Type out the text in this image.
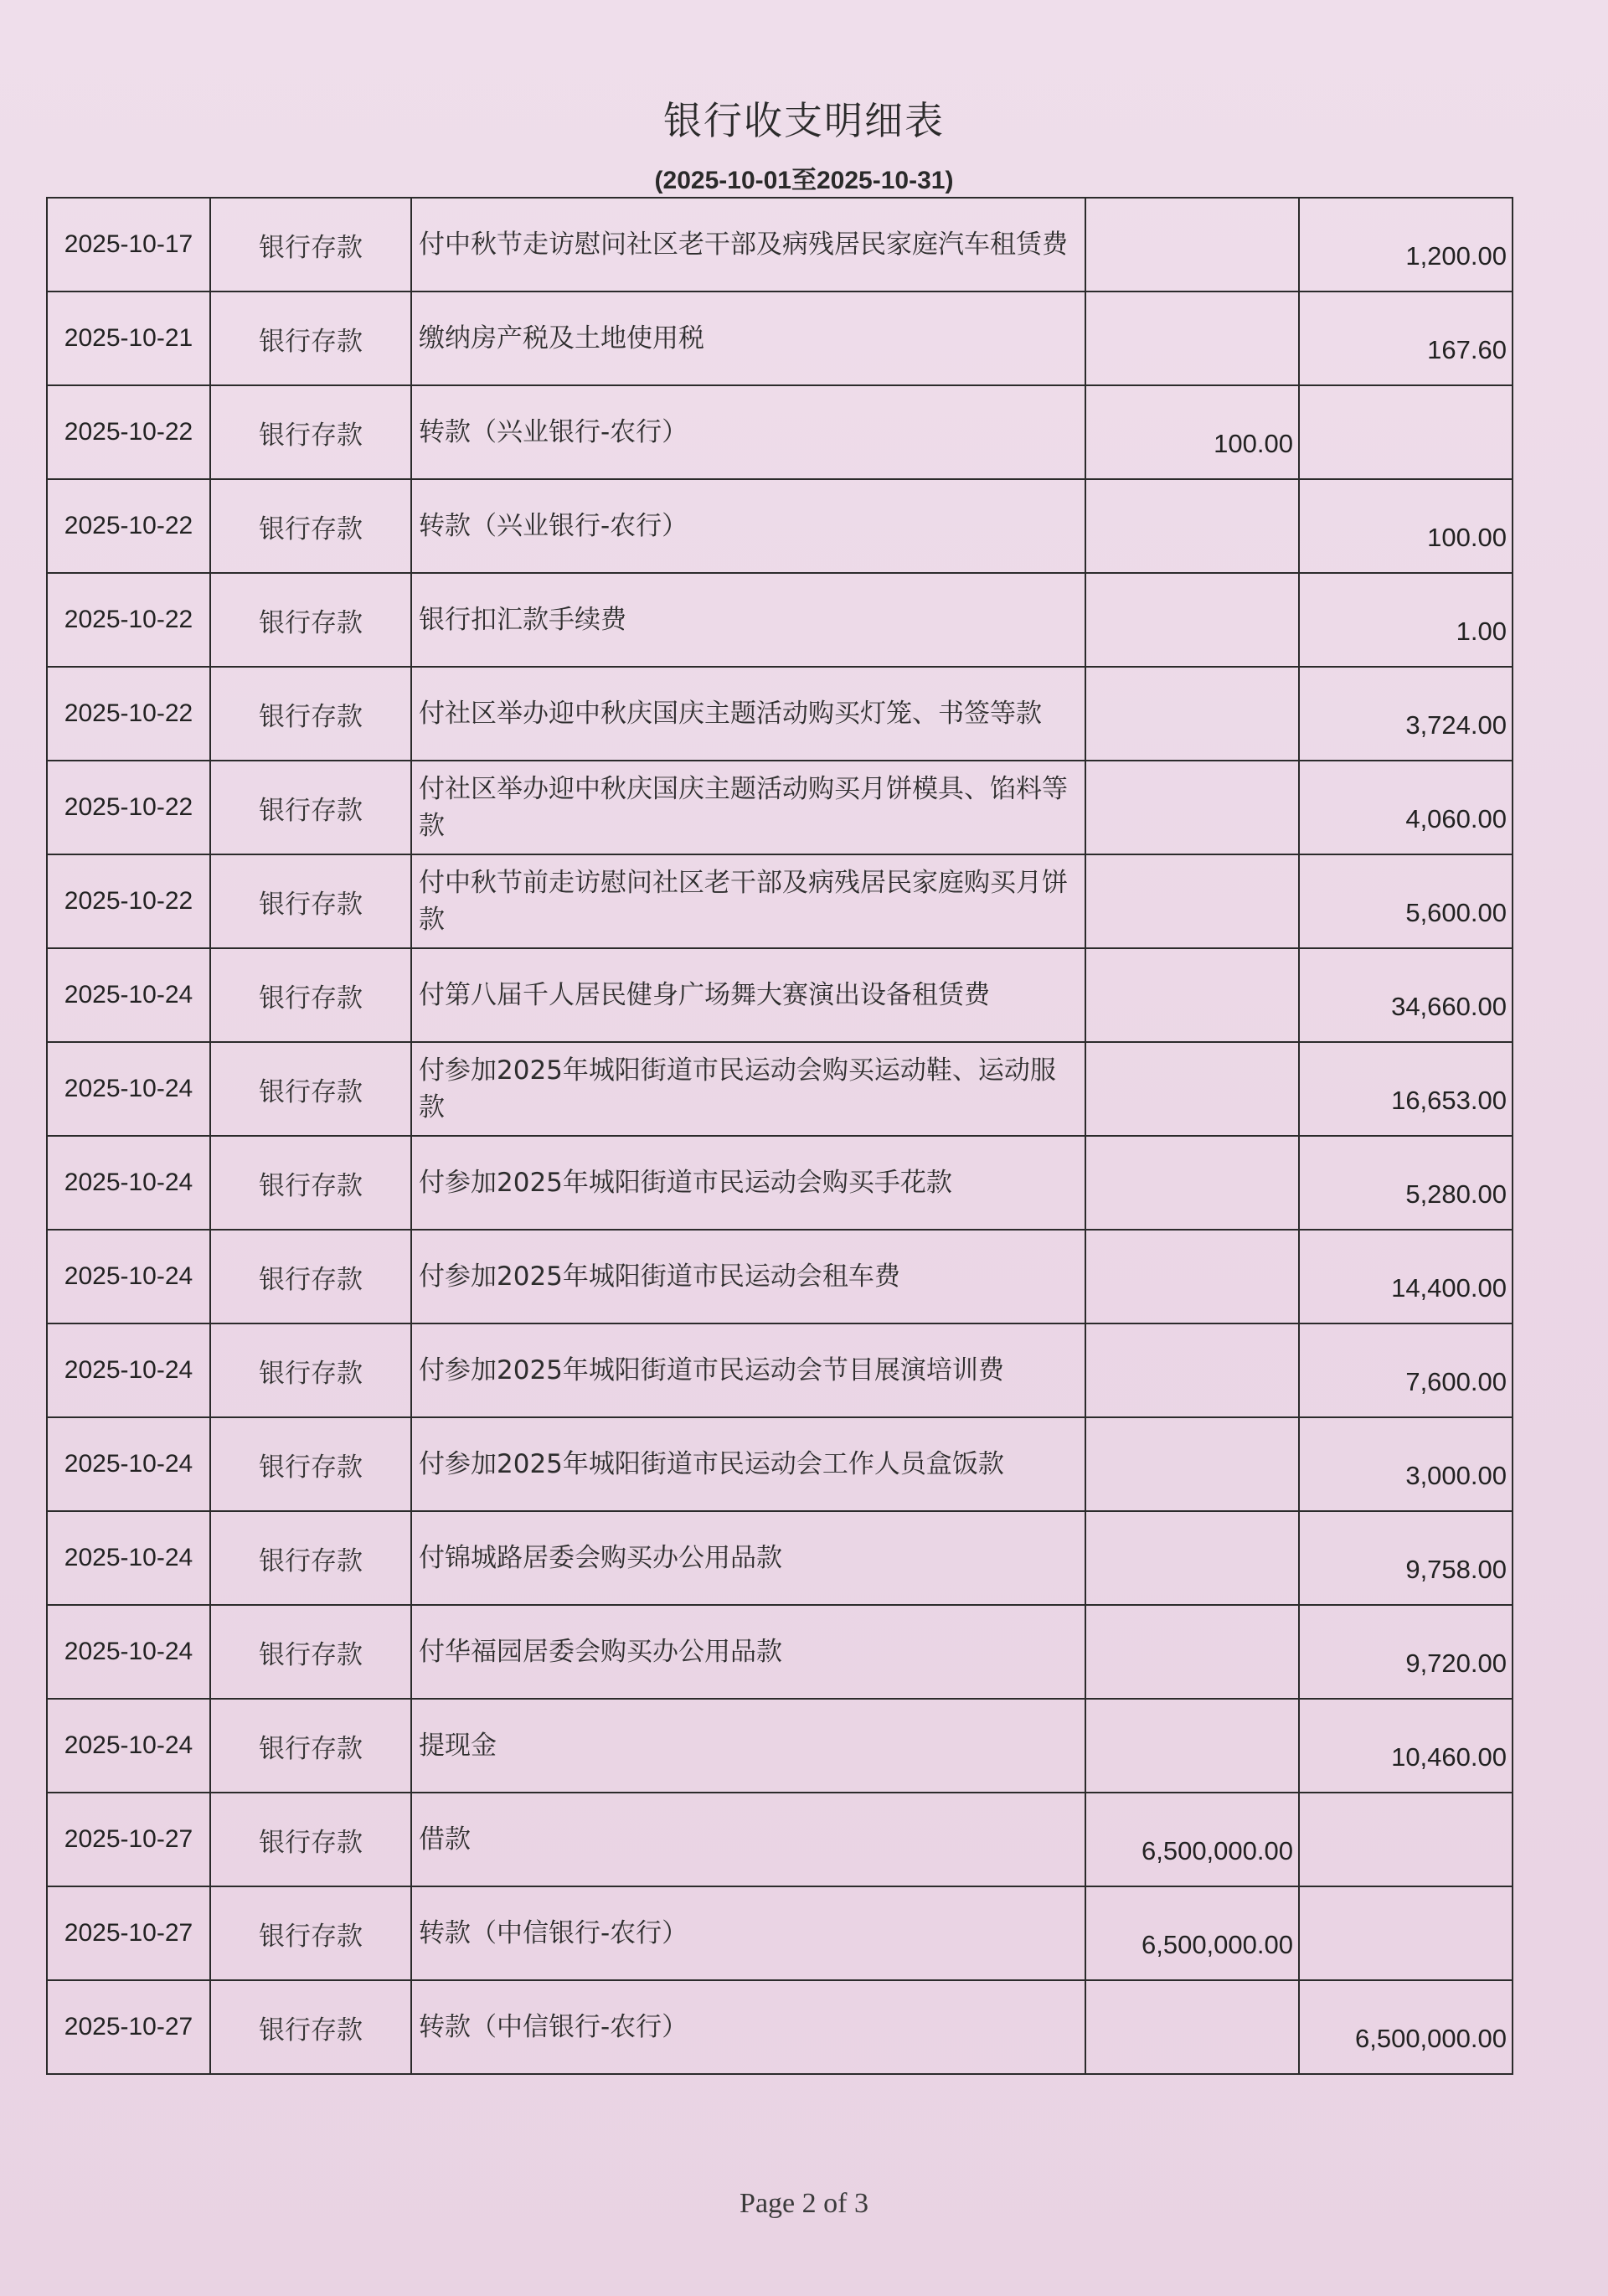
银行收支明细表
(2025-10-01至2025-10-31)
2025-10-17	银行存款	付中秋节走访慰问社区老干部及病残居民家庭汽车租赁费		1,200.00
2025-10-21	银行存款	缴纳房产税及土地使用税		167.60
2025-10-22	银行存款	转款（兴业银行-农行）	100.00	
2025-10-22	银行存款	转款（兴业银行-农行）		100.00
2025-10-22	银行存款	银行扣汇款手续费		1.00
2025-10-22	银行存款	付社区举办迎中秋庆国庆主题活动购买灯笼、书签等款		3,724.00
2025-10-22	银行存款	付社区举办迎中秋庆国庆主题活动购买月饼模具、馅料等款		4,060.00
2025-10-22	银行存款	付中秋节前走访慰问社区老干部及病残居民家庭购买月饼款		5,600.00
2025-10-24	银行存款	付第八届千人居民健身广场舞大赛演出设备租赁费		34,660.00
2025-10-24	银行存款	付参加2025年城阳街道市民运动会购买运动鞋、运动服款		16,653.00
2025-10-24	银行存款	付参加2025年城阳街道市民运动会购买手花款		5,280.00
2025-10-24	银行存款	付参加2025年城阳街道市民运动会租车费		14,400.00
2025-10-24	银行存款	付参加2025年城阳街道市民运动会节目展演培训费		7,600.00
2025-10-24	银行存款	付参加2025年城阳街道市民运动会工作人员盒饭款		3,000.00
2025-10-24	银行存款	付锦城路居委会购买办公用品款		9,758.00
2025-10-24	银行存款	付华福园居委会购买办公用品款		9,720.00
2025-10-24	银行存款	提现金		10,460.00
2025-10-27	银行存款	借款	6,500,000.00	
2025-10-27	银行存款	转款（中信银行-农行）	6,500,000.00	
2025-10-27	银行存款	转款（中信银行-农行）		6,500,000.00
Page 2 of 3
